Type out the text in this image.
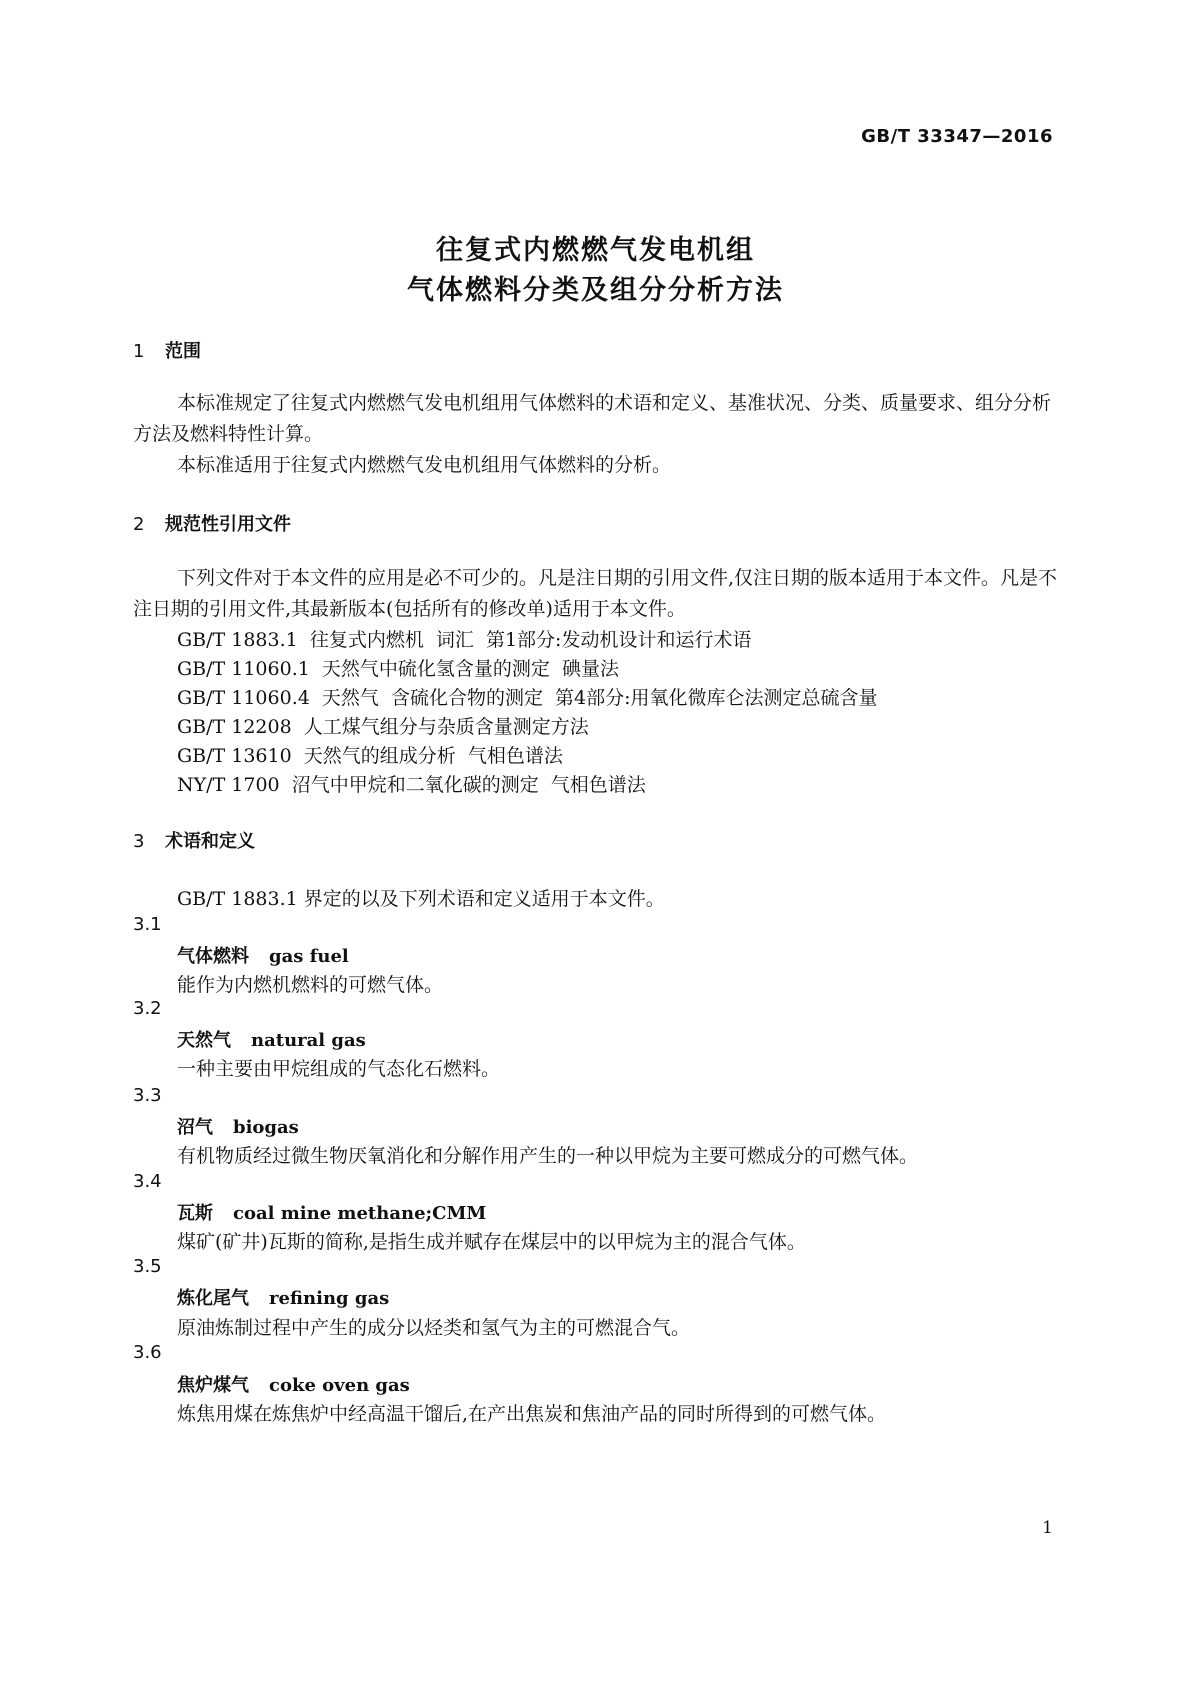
GB/T 33347—2016
往复式内燃燃气发电机组
气体燃料分类及组分分析方法
1 范围
本标准规定了往复式内燃燃气发电机组用气体燃料的术语和定义、基准状况、分类、质量要求、组分分析方法及燃料特性计算。
本标准适用于往复式内燃燃气发电机组用气体燃料的分析。
2 规范性引用文件
下列文件对于本文件的应用是必不可少的。凡是注日期的引用文件,仅注日期的版本适用于本文件。凡是不注日期的引用文件,其最新版本(包括所有的修改单)适用于本文件。
GB/T 1883.1  往复式内燃机  词汇  第1部分:发动机设计和运行术语
GB/T 11060.1  天然气中硫化氢含量的测定  碘量法
GB/T 11060.4  天然气  含硫化合物的测定  第4部分:用氧化微库仑法测定总硫含量
GB/T 12208  人工煤气组分与杂质含量测定方法
GB/T 13610  天然气的组成分析  气相色谱法
NY/T 1700  沼气中甲烷和二氧化碳的测定  气相色谱法
3 术语和定义
GB/T 1883.1 界定的以及下列术语和定义适用于本文件。
3.1
气体燃料 gas fuel
能作为内燃机燃料的可燃气体。
3.2
天然气 natural gas
一种主要由甲烷组成的气态化石燃料。
3.3
沼气 biogas
有机物质经过微生物厌氧消化和分解作用产生的一种以甲烷为主要可燃成分的可燃气体。
3.4
瓦斯 coal mine methane;CMM
煤矿(矿井)瓦斯的简称,是指生成并赋存在煤层中的以甲烷为主的混合气体。
3.5
炼化尾气 refining gas
原油炼制过程中产生的成分以烃类和氢气为主的可燃混合气。
3.6
焦炉煤气 coke oven gas
炼焦用煤在炼焦炉中经高温干馏后,在产出焦炭和焦油产品的同时所得到的可燃气体。
1
